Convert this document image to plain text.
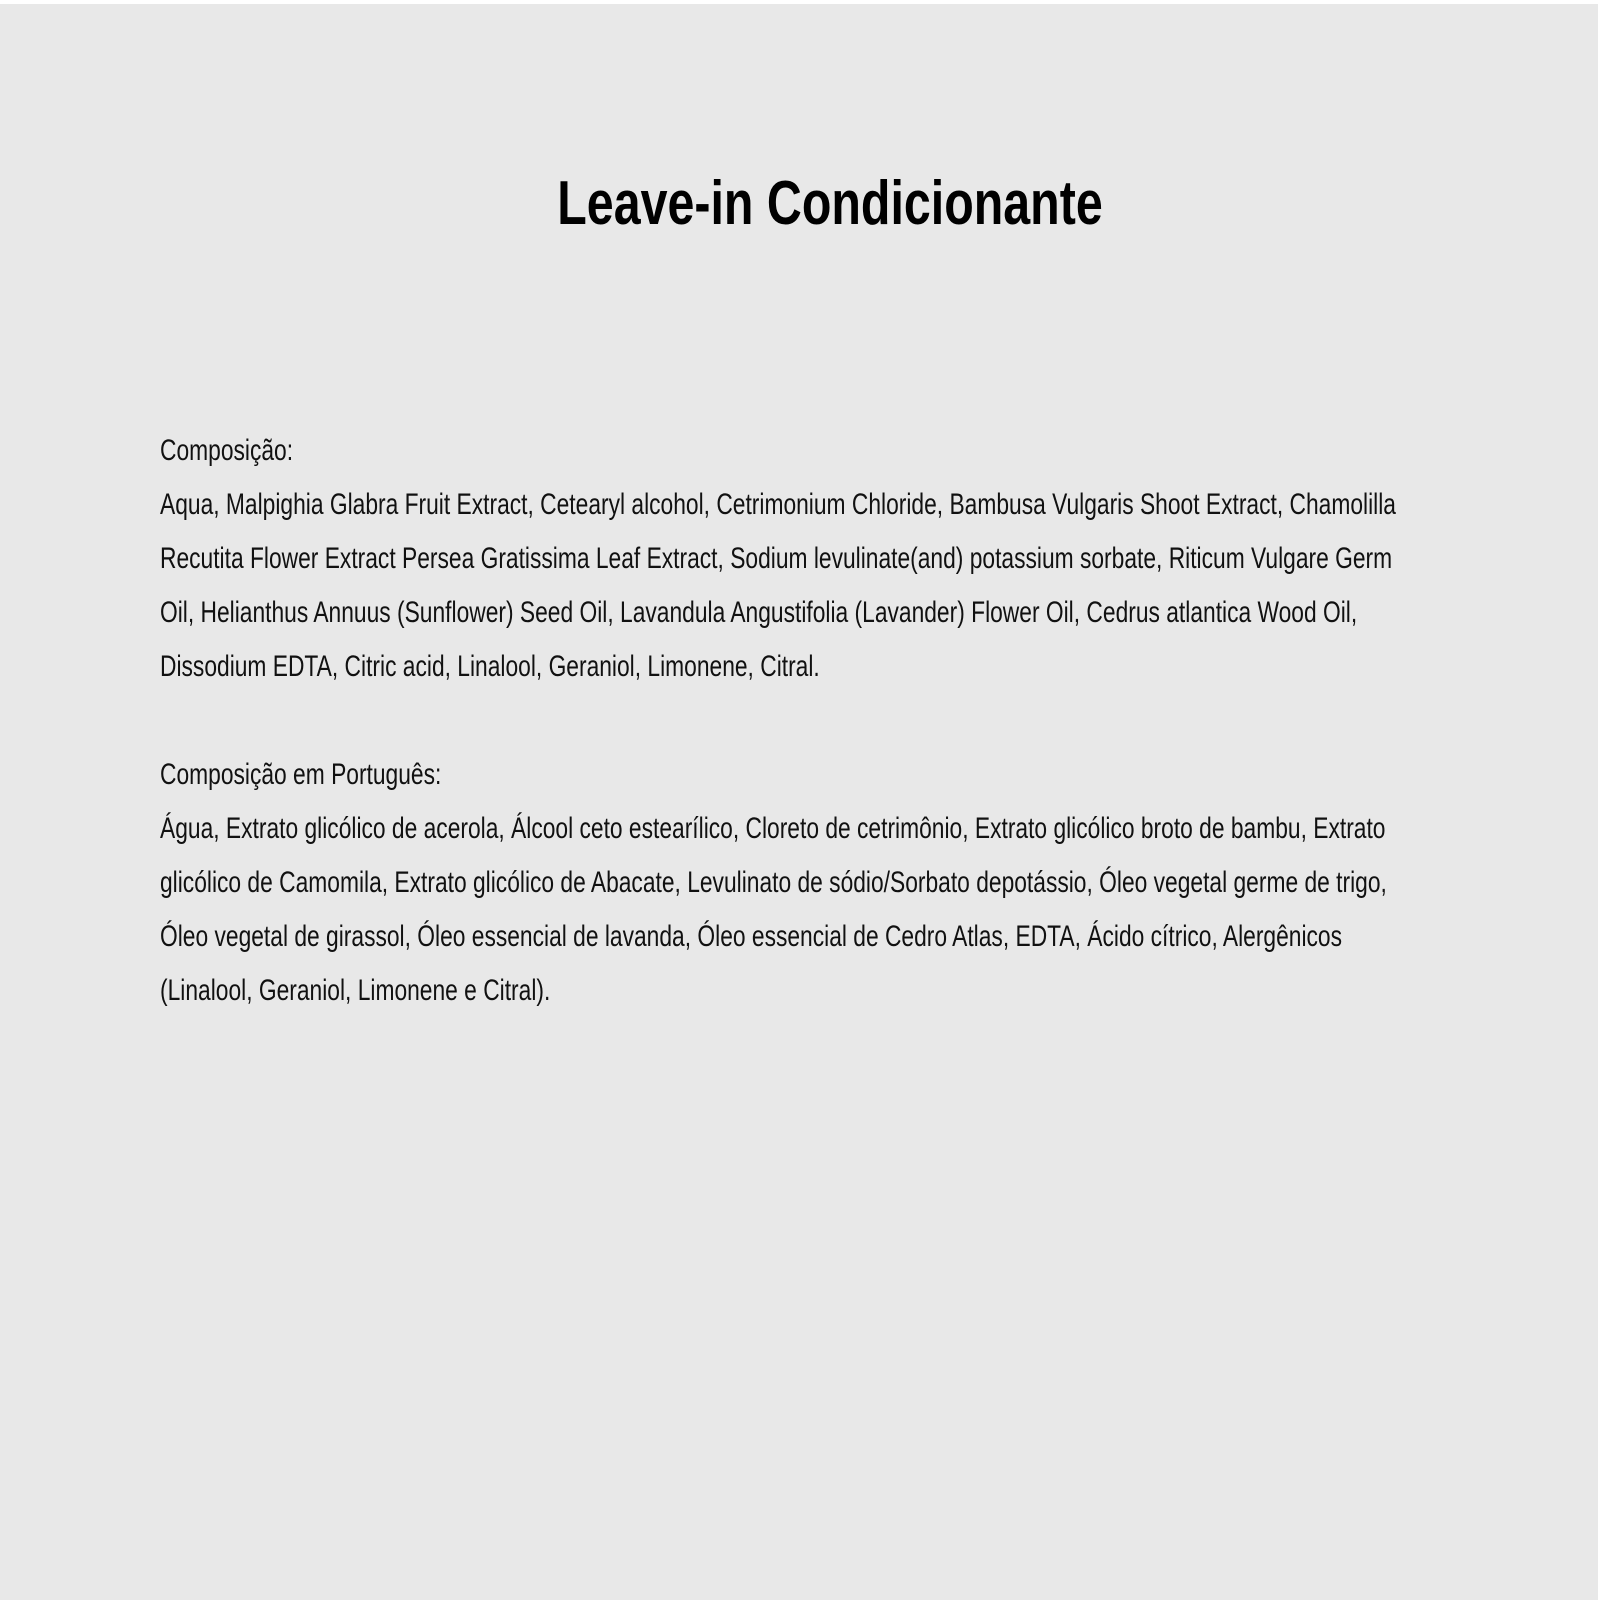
Leave-in Condicionante

Composição:
Aqua, Malpighia Glabra Fruit Extract, Cetearyl alcohol, Cetrimonium Chloride, Bambusa Vulgaris Shoot Extract, Chamolilla Recutita Flower Extract Persea Gratissima Leaf Extract, Sodium levulinate(and) potassium sorbate, Riticum Vulgare Germ Oil, Helianthus Annuus (Sunflower) Seed Oil, Lavandula Angustifolia (Lavander) Flower Oil, Cedrus atlantica Wood Oil, Dissodium EDTA, Citric acid, Linalool, Geraniol, Limonene, Citral.

Composição em Português:
Água, Extrato glicólico de acerola, Álcool ceto estearílico, Cloreto de cetrimônio, Extrato glicólico broto de bambu, Extrato glicólico de Camomila, Extrato glicólico de Abacate, Levulinato de sódio/Sorbato depotássio, Óleo vegetal germe de trigo, Óleo vegetal de girassol, Óleo essencial de lavanda, Óleo essencial de Cedro Atlas, EDTA, Ácido cítrico, Alergênicos (Linalool, Geraniol, Limonene e Citral).
